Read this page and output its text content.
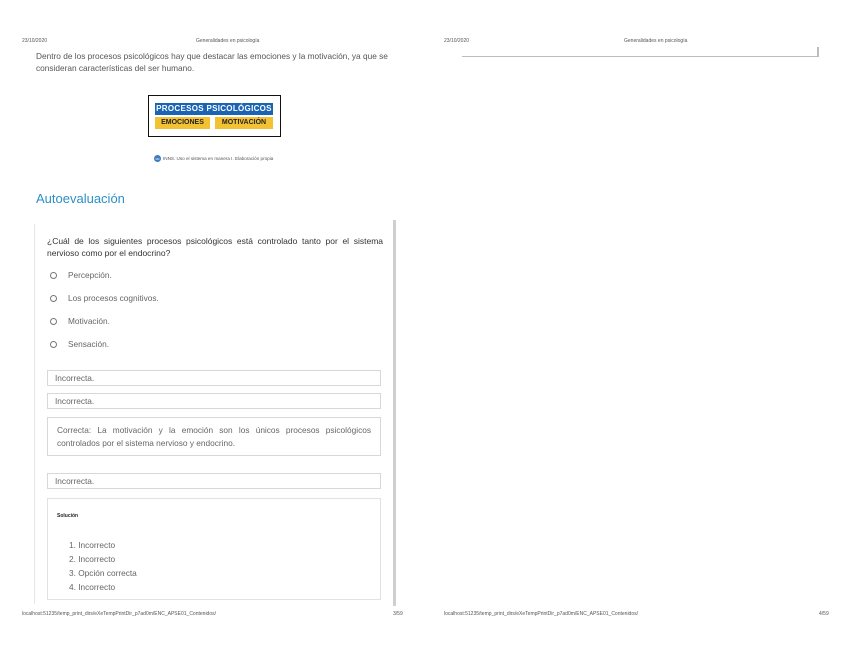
23/10/2020	Generalidades en psicología
Dentro de los procesos psicológicos hay que destacar las emociones y la motivación, ya que se consideran características del ser humano.
PROCESOS PSICOLÓGICOS
EMOCIONES	MOTIVACIÓN
cc INNS. Uso el sistema en manera I. Elaboración propia
Autoevaluación
¿Cuál de los siguientes procesos psicológicos está controlado tanto por el sistema nervioso como por el endocrino?
Percepción.
Los procesos cognitivos.
Motivación.
Sensación.
Incorrecta.
Incorrecta.
Correcta: La motivación y la emoción son los únicos procesos psicológicos controlados por el sistema nervioso y endocrino.
Incorrecta.
Solución
1. Incorrecto
2. Incorrecto
3. Opción correcta
4. Incorrecto
localhost:51235/temp_print_dirs/eXeTempPrintDir_p7ad0m/ENC_APSE01_Contenidos/	3/59
23/10/2020	Generalidades en psicología
localhost:51235/temp_print_dirs/eXeTempPrintDir_p7ad0m/ENC_APSE01_Contenidos/	4/59
